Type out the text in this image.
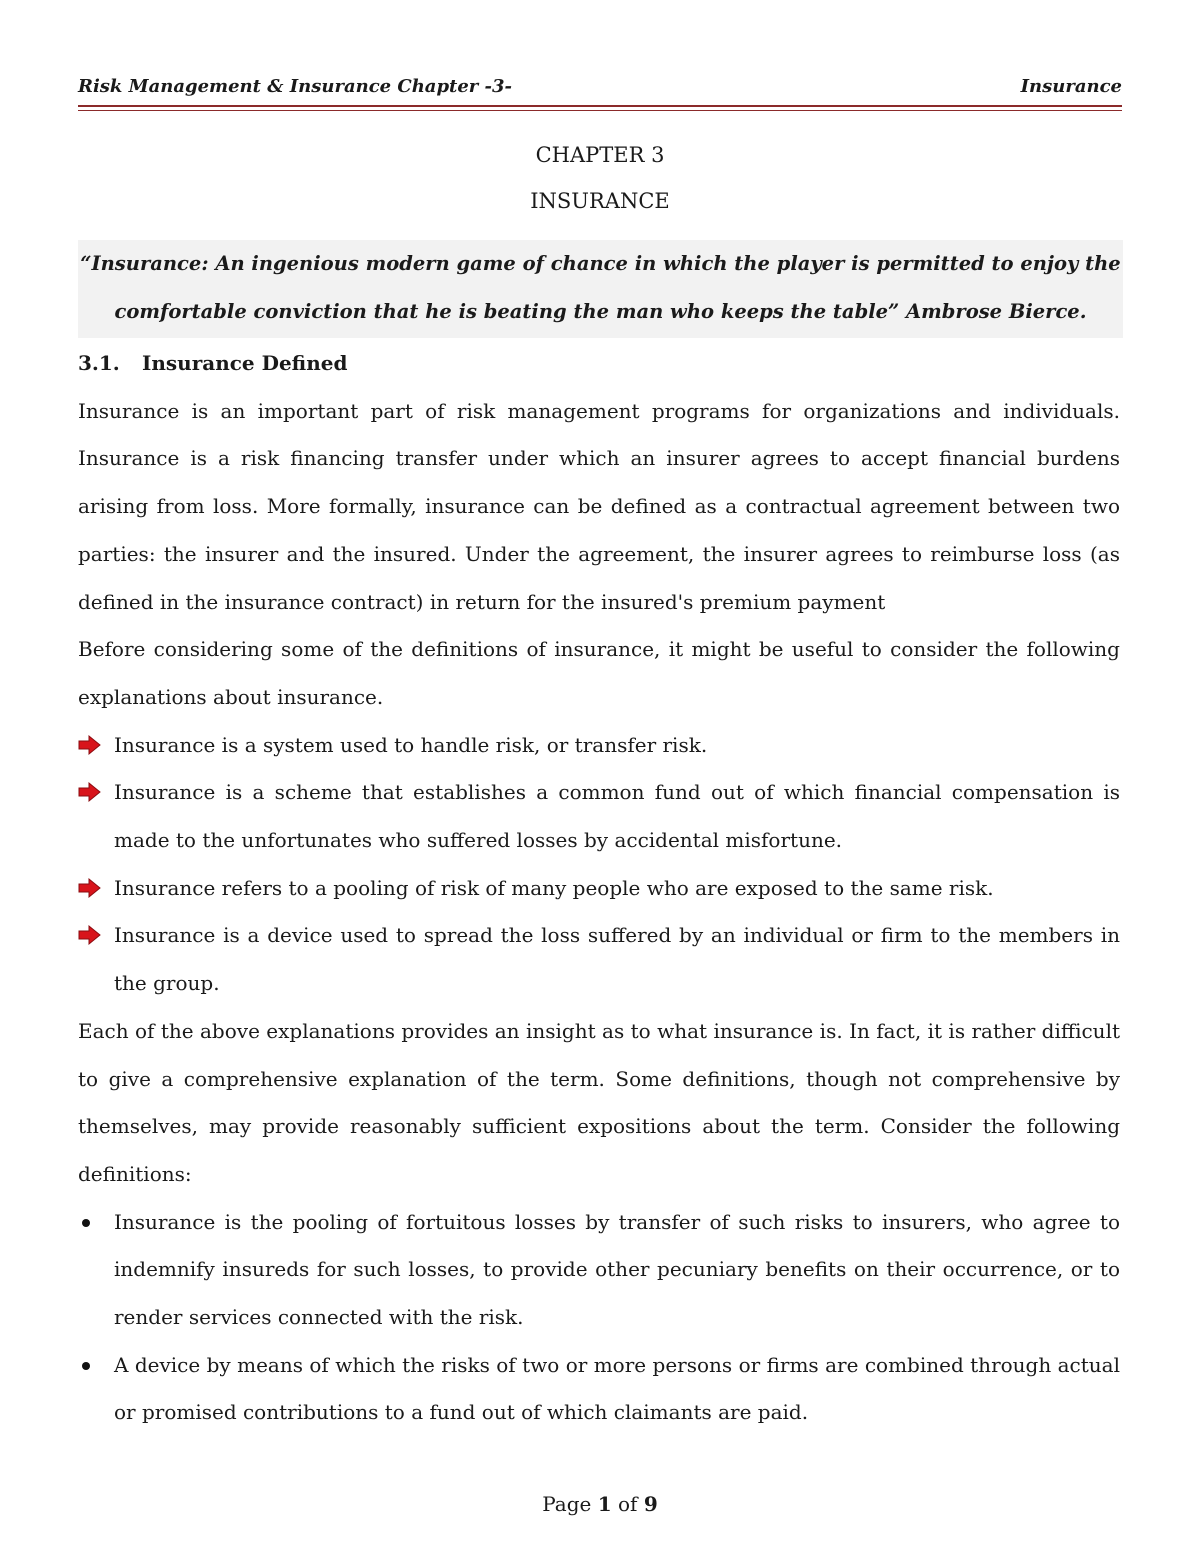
Risk Management & Insurance Chapter -3-	Insurance
CHAPTER 3
INSURANCE

“Insurance: An ingenious modern game of chance in which the player is permitted to enjoy the

comfortable conviction that he is beating the man who keeps the table” Ambrose Bierce.

3.1. Insurance Defined

Insurance is an important part of risk management programs for organizations and individuals. Insurance is a risk financing transfer under which an insurer agrees to accept financial burdens arising from loss. More formally, insurance can be defined as a contractual agreement between two parties: the insurer and the insured. Under the agreement, the insurer agrees to reimburse loss (as defined in the insurance contract) in return for the insured's premium payment

Before considering some of the definitions of insurance, it might be useful to consider the following explanations about insurance.

Insurance is a system used to handle risk, or transfer risk.
Insurance is a scheme that establishes a common fund out of which financial compensation is made to the unfortunates who suffered losses by accidental misfortune.
Insurance refers to a pooling of risk of many people who are exposed to the same risk.
Insurance is a device used to spread the loss suffered by an individual or firm to the members in the group.

Each of the above explanations provides an insight as to what insurance is. In fact, it is rather difficult to give a comprehensive explanation of the term. Some definitions, though not comprehensive by themselves, may provide reasonably sufficient expositions about the term. Consider the following definitions:

Insurance is the pooling of fortuitous losses by transfer of such risks to insurers, who agree to indemnify insureds for such losses, to provide other pecuniary benefits on their occurrence, or to render services connected with the risk.
A device by means of which the risks of two or more persons or firms are combined through actual or promised contributions to a fund out of which claimants are paid.
Page 1 of 9
